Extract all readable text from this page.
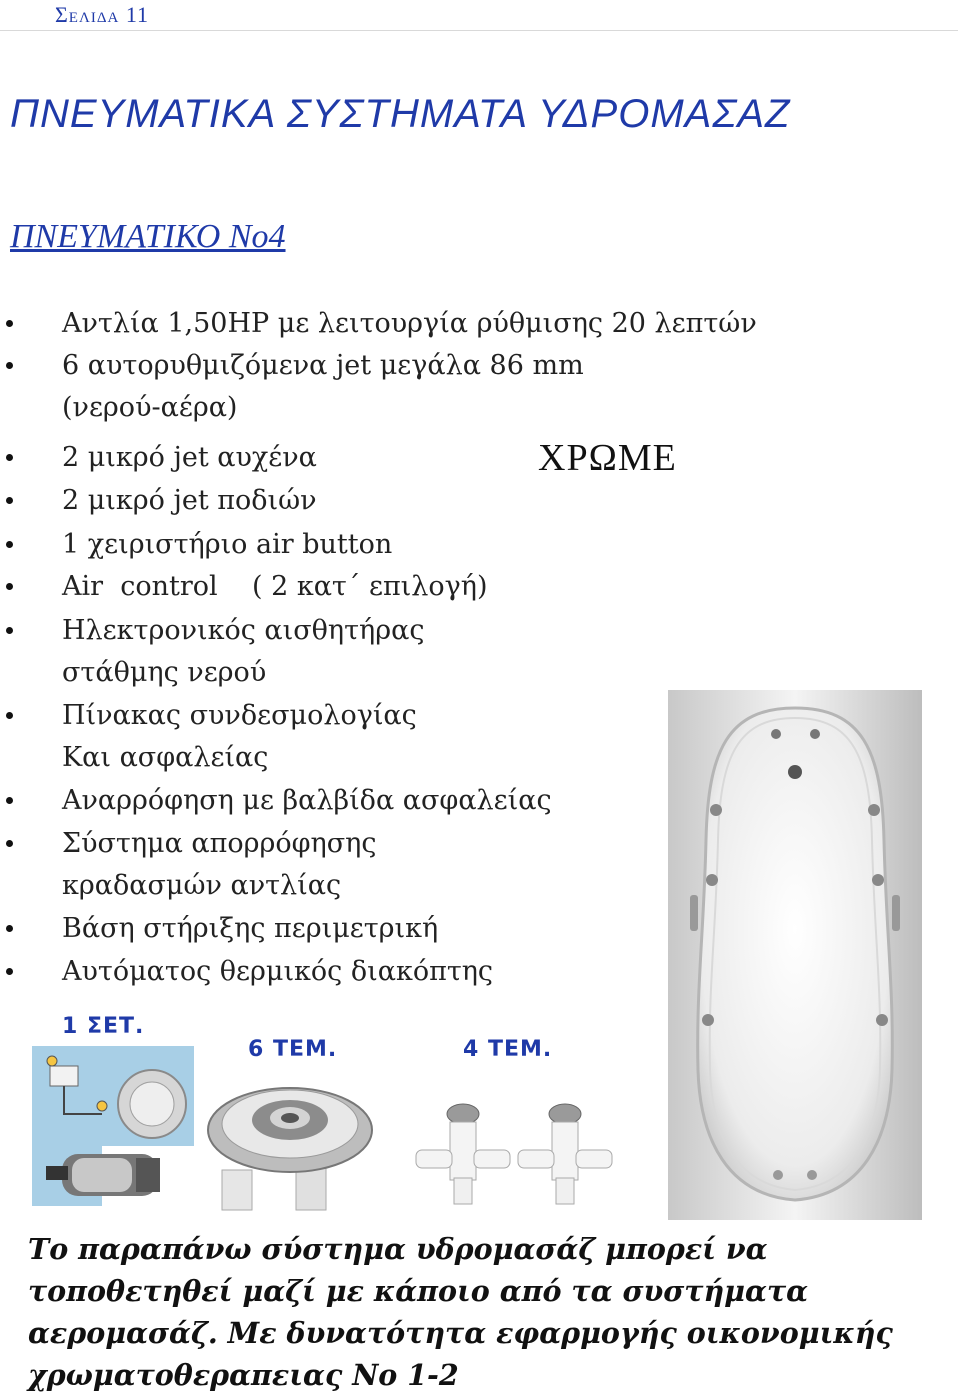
Σελιδα 11
ΠΝΕΥΜΑΤΙΚΑ ΣΥΣΤΗΜΑΤΑ ΥΔΡΟΜΑΣΑΖ
ΠΝΕΥΜΑΤΙΚΟ Νο4
Αντλία 1,50HP με λειτουργία ρύθμισης 20 λεπτών
6 αυτορυθμιζόμενα jet μεγάλα 86 mm
(νερού-αέρα)
2 μικρό jet αυχένα
2 μικρό jet ποδιών
1 χειριστήριο air button
Air  control    ( 2 κατ΄ επιλογή)
Ηλεκτρονικός αισθητήρας
στάθμης νερού
Πίνακας συνδεσμολογίας
Και ασφαλείας
Αναρρόφηση με βαλβίδα ασφαλείας
Σύστημα απορρόφησης
κραδασμών αντλίας
Βάση στήριξης περιμετρική
Αυτόματος θερμικός διακόπτης
ΧΡΩΜΕ
1 ΣΕΤ.
6 ΤΕΜ.	4 ΤΕΜ.
Το παραπάνω σύστημα υδρομασάζ μπορεί να τοποθετηθεί μαζί με κάποιο από τα συστήματα αερομασάζ. Με δυνατότητα εφαρμογής οικονομικής χρωματοθεραπειας Νο 1-2
